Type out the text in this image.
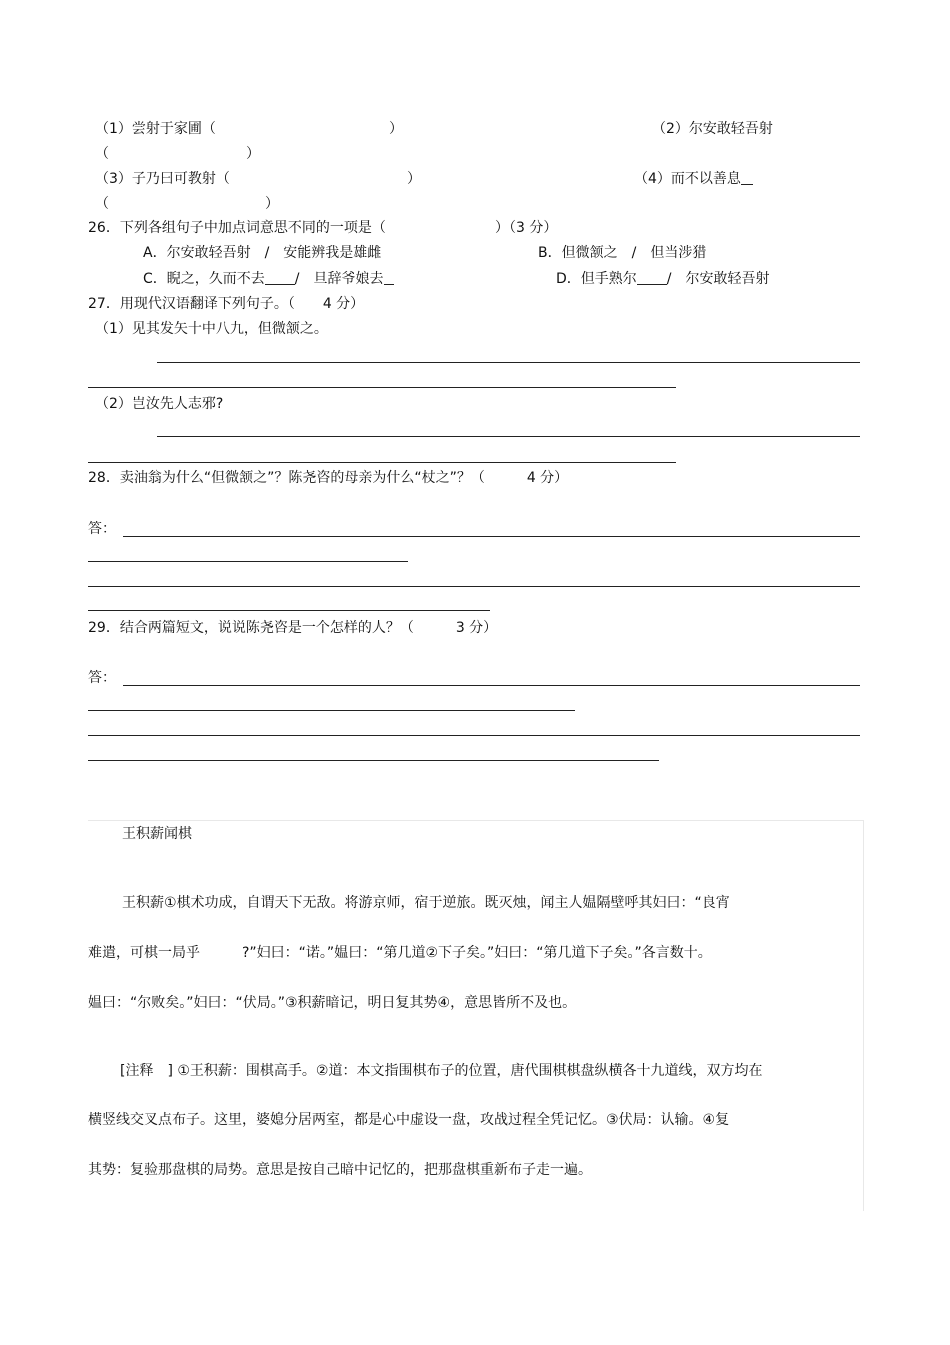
（1）尝射于家圃（	）	（2）尔安敢轻吾射
（	）
（3）子乃曰可教射（	）	（4）而不以善息
（	）
26．下列各组句子中加点词意思不同的一项是（	）（3 分）
A．尔安敢轻吾射　/　安能辨我是雄雌	B．但微颔之　/　但当涉猎
C．睨之，久而不去 /　旦辞爷娘去	D．但手熟尔 /　尔安敢轻吾射
27．用现代汉语翻译下列句子。（　　4 分）
（1）见其发矢十中八九，但微颔之。
（2）岂汝先人志邪?
28．卖油翁为什么“但微颔之”？陈尧咨的母亲为什么“杖之”？（　　　4 分）
答：
29．结合两篇短文，说说陈尧咨是一个怎样的人？（　　　3 分）
答：
王积薪闻棋
王积薪①棋术功成，自谓天下无敌。将游京师，宿于逆旅。既灭烛，闻主人媪隔壁呼其妇曰：“良宵
难遣，可棋一局乎　　　?”妇曰：“诺。”媪曰：“第几道②下子矣。”妇曰：“第几道下子矣。”各言数十。
媪曰：“尔败矣。”妇曰：“伏局。”③积薪暗记，明日复其势④，意思皆所不及也。
[注释　] ①王积薪：围棋高手。②道：本文指围棋布子的位置，唐代围棋棋盘纵横各十九道线，双方均在
横竖线交叉点布子。这里，婆媳分居两室，都是心中虚设一盘，攻战过程全凭记忆。③伏局：认输。④复
其势：复验那盘棋的局势。意思是按自己暗中记忆的，把那盘棋重新布子走一遍。
